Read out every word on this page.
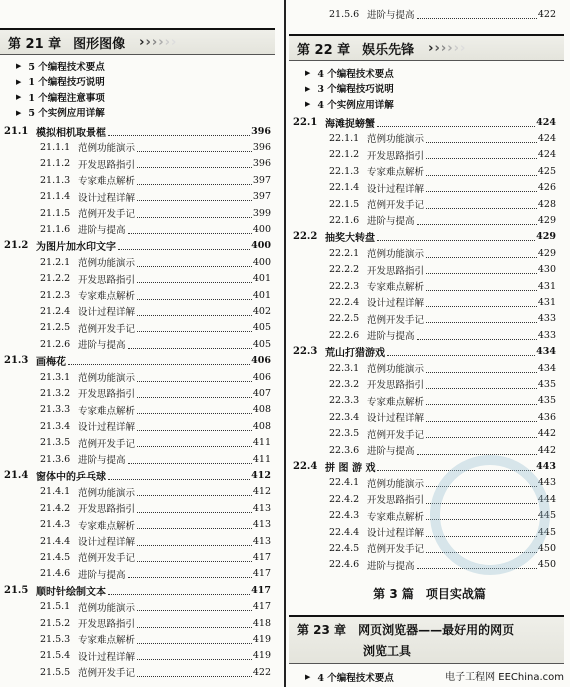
第 21 章 图形图像 › › › › › ›
▶ 5 个编程技术要点
▶ 1 个编程技巧说明
▶ 1 个编程注意事项
▶ 5 个实例应用详解
21.1 模拟相机取景框	396
21.1.1 范例功能演示	396
21.1.2 开发思路指引	396
21.1.3 专家难点解析	397
21.1.4 设计过程详解	397
21.1.5 范例开发手记	399
21.1.6 进阶与提高	400
21.2 为图片加水印文字	400
21.2.1 范例功能演示	400
21.2.2 开发思路指引	401
21.2.3 专家难点解析	401
21.2.4 设计过程详解	402
21.2.5 范例开发手记	405
21.2.6 进阶与提高	405
21.3 画梅花	406
21.3.1 范例功能演示	406
21.3.2 开发思路指引	407
21.3.3 专家难点解析	408
21.3.4 设计过程详解	408
21.3.5 范例开发手记	411
21.3.6 进阶与提高	411
21.4 窗体中的乒乓球	412
21.4.1 范例功能演示	412
21.4.2 开发思路指引	413
21.4.3 专家难点解析	413
21.4.4 设计过程详解	413
21.4.5 范例开发手记	417
21.4.6 进阶与提高	417
21.5 顺时针绘制文本	417
21.5.1 范例功能演示	417
21.5.2 开发思路指引	418
21.5.3 专家难点解析	419
21.5.4 设计过程详解	419
21.5.5 范例开发手记	422
21.5.6 进阶与提高	422
第 22 章 娱乐先锋 › › › › › ›
▶ 4 个编程技术要点
▶ 3 个编程技巧说明
▶ 4 个实例应用详解
22.1 海滩捉螃蟹	424
22.1.1 范例功能演示	424
22.1.2 开发思路指引	424
22.1.3 专家难点解析	425
22.1.4 设计过程详解	426
22.1.5 范例开发手记	428
22.1.6 进阶与提高	429
22.2 抽奖大转盘	429
22.2.1 范例功能演示	429
22.2.2 开发思路指引	430
22.2.3 专家难点解析	431
22.2.4 设计过程详解	431
22.2.5 范例开发手记	433
22.2.6 进阶与提高	433
22.3 荒山打猎游戏	434
22.3.1 范例功能演示	434
22.3.2 开发思路指引	435
22.3.3 专家难点解析	435
22.3.4 设计过程详解	436
22.3.5 范例开发手记	442
22.3.6 进阶与提高	442
22.4 拼 图 游 戏	443
22.4.1 范例功能演示	443
22.4.2 开发思路指引	444
22.4.3 专家难点解析	445
22.4.4 设计过程详解	445
22.4.5 范例开发手记	450
22.4.6 进阶与提高	450
第 3 篇　项目实战篇
第 23 章 网页浏览器——最好用的网页
浏览工具
▶ 4 个编程技术要点	电子工程网 EEChina.com
